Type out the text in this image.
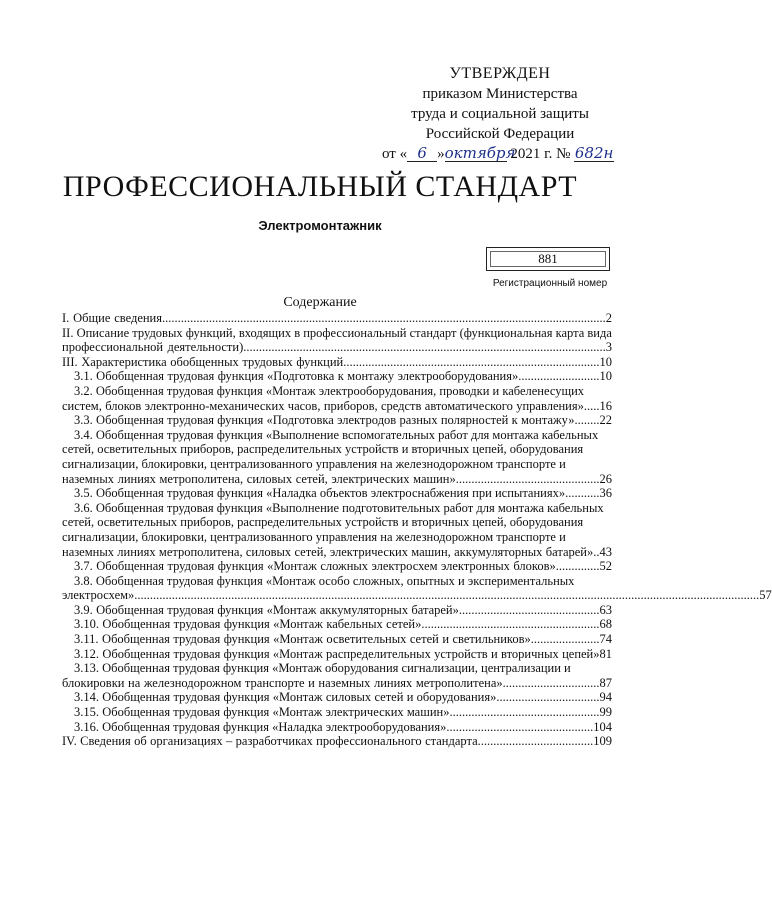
УТВЕРЖДЕН
приказом Министерства
труда и социальной защиты
Российской Федерации
от « 6 »октября 2021 г. № 682н
ПРОФЕССИОНАЛЬНЫЙ СТАНДАРТ
Электромонтажник
881
Регистрационный номер
Содержание
I. Общие сведения..............................................................................................................................................2
II. Описание трудовых функций, входящих в профессиональный стандарт (функциональная карта вида профессиональной деятельности)....................................................................................................................3
III. Характеристика обобщенных трудовых функций..................................................................................10
3.1. Обобщенная трудовая функция «Подготовка к монтажу электрооборудования»..........................10
3.2. Обобщенная трудовая функция «Монтаж электрооборудования, проводки и кабеленесущих систем, блоков электронно-механических часов, приборов, средств автоматического управления».....16
3.3. Обобщенная трудовая функция «Подготовка электродов разных полярностей к монтажу»........22
3.4. Обобщенная трудовая функция «Выполнение вспомогательных работ для монтажа кабельных сетей, осветительных приборов, распределительных устройств и вторичных цепей, оборудования сигнализации, блокировки, централизованного управления на железнодорожном транспорте и наземных линиях метрополитена, силовых сетей, электрических машин»..............................................26
3.5. Обобщенная трудовая функция «Наладка объектов электроснабжения при испытаниях»...........36
3.6. Обобщенная трудовая функция «Выполнение подготовительных работ для монтажа кабельных сетей, осветительных приборов, распределительных устройств и вторичных цепей, оборудования сигнализации, блокировки, централизованного управления на железнодорожном транспорте и наземных линиях метрополитена, силовых сетей, электрических машин, аккумуляторных батарей»..43
3.7. Обобщенная трудовая функция «Монтаж сложных электросхем электронных блоков»..............52
3.8. Обобщенная трудовая функция «Монтаж особо сложных, опытных и экспериментальных электросхем»........................................................................................................................................................................................................57
3.9. Обобщенная трудовая функция «Монтаж аккумуляторных батарей».............................................63
3.10. Обобщенная трудовая функция «Монтаж кабельных сетей».........................................................68
3.11. Обобщенная трудовая функция «Монтаж осветительных сетей и светильников»......................74
3.12. Обобщенная трудовая функция «Монтаж распределительных устройств и вторичных цепей»81
3.13. Обобщенная трудовая функция «Монтаж оборудования сигнализации, централизации и блокировки на железнодорожном транспорте и наземных линиях метрополитена»...............................87
3.14. Обобщенная трудовая функция «Монтаж силовых сетей и оборудования».................................94
3.15. Обобщенная трудовая функция «Монтаж электрических машин»................................................99
3.16. Обобщенная трудовая функция «Наладка электрооборудования»...............................................104
IV. Сведения об организациях – разработчиках профессионального стандарта.....................................109
